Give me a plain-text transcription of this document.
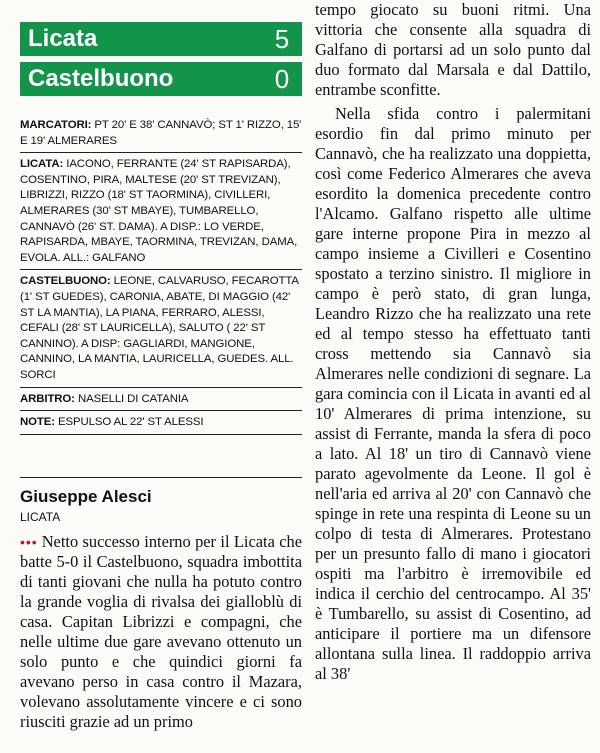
Licata	5
Castelbuono	0
MARCATORI: PT 20' E 38' CANNAVÒ; ST 1' RIZZO, 15' E 19' ALMERARES
LICATA: IACONO, FERRANTE (24' ST RAPISARDA), COSENTINO, PIRA, MALTESE (20' ST TREVIZAN), LIBRIZZI, RIZZO (18' ST TAORMINA), CIVILLERI, ALMERARES (30' ST MBAYE), TUMBARELLO, CANNAVÒ (26' ST. DAMA). A DISP.: LO VERDE, RAPISARDA, MBAYE, TAORMINA, TREVIZAN, DAMA, EVOLA. ALL.: GALFANO
CASTELBUONO: LEONE, CALVARUSO, FECAROTTA (1' ST GUEDES), CARONIA, ABATE, DI MAGGIO (42' ST LA MANTIA), LA PIANA, FERRARO, ALESSI, CEFALI (28' ST LAURICELLA), SALUTO ( 22' ST CANNINO). A DISP: GAGLIARDI, MANGIONE, CANNINO, LA MANTIA, LAURICELLA, GUEDES. ALL. SORCI
ARBITRO: NASELLI DI CATANIA
NOTE: ESPULSO AL 22' ST ALESSI
Giuseppe Alesci
LICATA

••• Netto successo interno per il Licata che batte 5-0 il Castelbuono, squadra imbottita di tanti giovani che nulla ha potuto contro la grande voglia di rivalsa dei gialloblù di casa. Capitan Librizzi e compagni, che nelle ultime due gare avevano ottenuto un solo punto e che quindici giorni fa avevano perso in casa contro il Mazara, volevano assolutamente vincere e ci sono riusciti grazie ad un primo

tempo giocato su buoni ritmi. Una vittoria che consente alla squadra di Galfano di portarsi ad un solo punto dal duo formato dal Marsala e dal Dattilo, entrambe sconfitte.

Nella sfida contro i palermitani esordio fin dal primo minuto per Cannavò, che ha realizzato una doppietta, così come Federico Almerares che aveva esordito la domenica precedente contro l'Alcamo. Galfano rispetto alle ultime gare interne propone Pira in mezzo al campo insieme a Civilleri e Cosentino spostato a terzino sinistro. Il migliore in campo è però stato, di gran lunga, Leandro Rizzo che ha realizzato una rete ed al tempo stesso ha effettuato tanti cross mettendo sia Cannavò sia Almerares nelle condizioni di segnare. La gara comincia con il Licata in avanti ed al 10' Almerares di prima intenzione, su assist di Ferrante, manda la sfera di poco a lato. Al 18' un tiro di Cannavò viene parato agevolmente da Leone. Il gol è nell'aria ed arriva al 20' con Cannavò che spinge in rete una respinta di Leone su un colpo di testa di Almerares. Protestano per un presunto fallo di mano i giocatori ospiti ma l'arbitro è irremovibile ed indica il cerchio del centrocampo. Al 35' è Tumbarello, su assist di Cosentino, ad anticipare il portiere ma un difensore allontana sulla linea. Il raddoppio arriva al 38'
